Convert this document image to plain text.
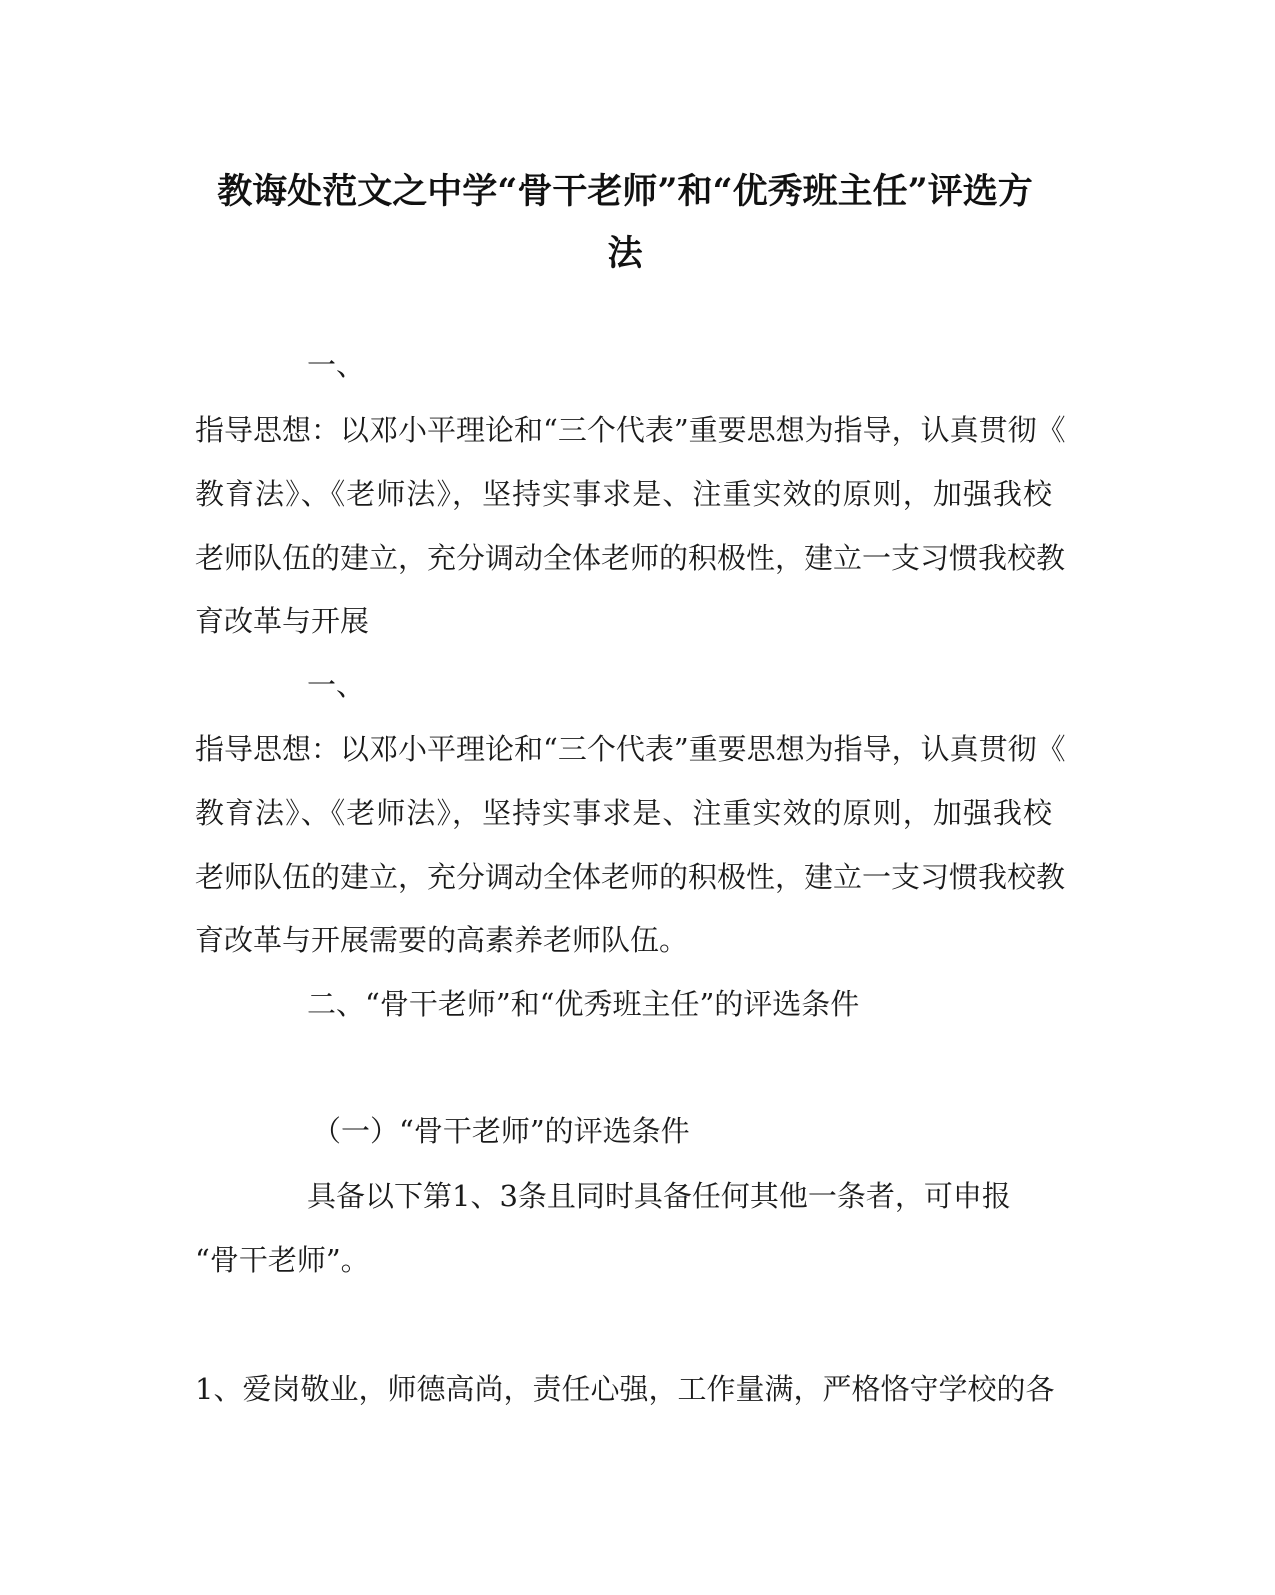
教诲处范文之中学“骨干老师”和“优秀班主任”评选方
法

一、

指导思想：以邓小平理论和“三个代表”重要思想为指导，认真贯彻《

教育法》、《老师法》，坚持实事求是、注重实效的原则，加强我校

老师队伍的建立，充分调动全体老师的积极性，建立一支习惯我校教

育改革与开展

一、

指导思想：以邓小平理论和“三个代表”重要思想为指导，认真贯彻《

教育法》、《老师法》，坚持实事求是、注重实效的原则，加强我校

老师队伍的建立，充分调动全体老师的积极性，建立一支习惯我校教

育改革与开展需要的高素养老师队伍。

二、“骨干老师”和“优秀班主任”的评选条件

（一）“骨干老师”的评选条件

具备以下第1、3条且同时具备任何其他一条者，可申报

“骨干老师”。

1、爱岗敬业，师德高尚，责任心强，工作量满，严格恪守学校的各
